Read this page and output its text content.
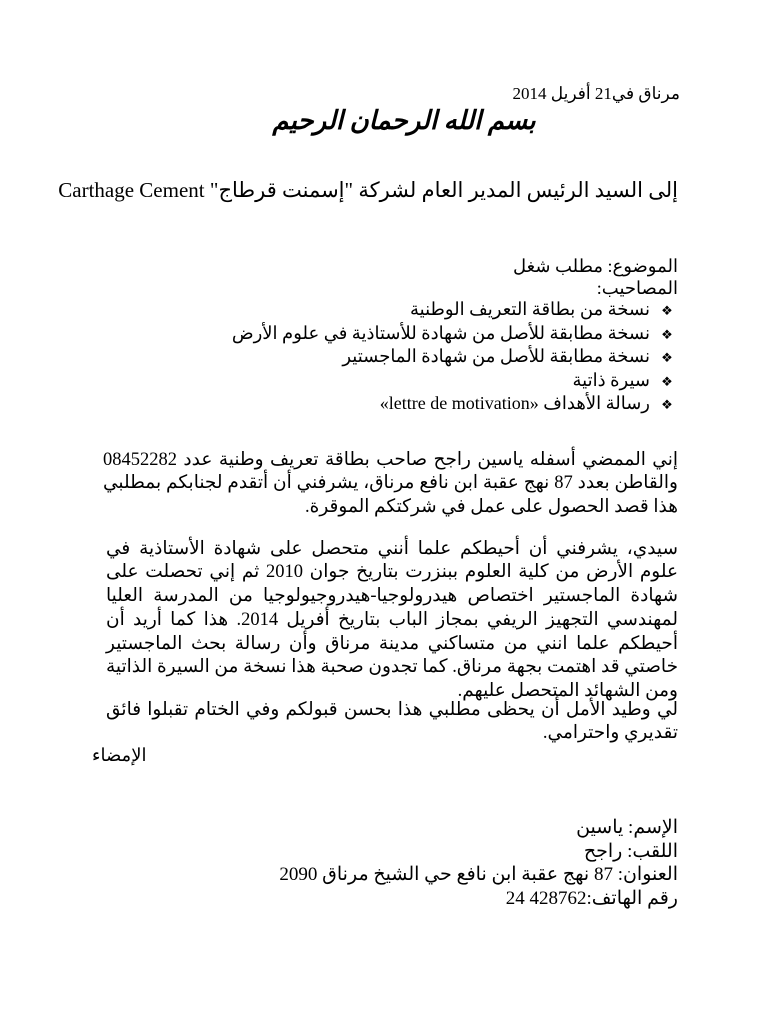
مرناق في21 أفريل 2014
بسم الله الرحمان الرحيم
إلى السيد الرئيس المدير العام لشركة "إسمنت قرطاج" Carthage Cement
الموضوع: مطلب شغل
المصاحيب:
❖نسخة من بطاقة التعريف الوطنية
❖نسخة مطابقة للأصل من شهادة للأستاذية في علوم الأرض
❖نسخة مطابقة للأصل من شهادة الماجستير
❖سيرة ذاتية
❖رسالة الأهداف «lettre de motivation»

إني الممضي أسفله ياسين راجح صاحب بطاقة تعريف وطنية عدد 08452282 والقاطن بعدد 87 نهج عقبة ابن نافع مرناق، يشرفني أن أتقدم لجنابكم بمطلبي هذا قصد الحصول على عمل في شركتكم الموقرة.

سيدي، يشرفني أن أحيطكم علما أنني متحصل على شهادة الأستاذية في علوم الأرض من كلية العلوم ببنزرت بتاريخ جوان 2010 ثم إني تحصلت على شهادة الماجستير اختصاص هيدرولوجيا-هيدروجيولوجيا من المدرسة العليا لمهندسي التجهيز الريفي بمجاز الباب بتاريخ أفريل 2014. هذا كما أريد أن أحيطكم علما انني من متساكني مدينة مرناق وأن رسالة بحث الماجستير خاصتي قد اهتمت بجهة مرناق. كما تجدون صحبة هذا نسخة من السيرة الذاتية ومن الشهائد المتحصل عليهم.

لي وطيد الأمل أن يحظى مطلبي هذا بحسن قبولكم وفي الختام تقبلوا فائق تقديري واحترامي.

الإمضاء
الإسم: ياسين
اللقب: راجح
العنوان: 87 نهج عقبة ابن نافع حي الشيخ مرناق 2090
رقم الهاتف:428762 24
